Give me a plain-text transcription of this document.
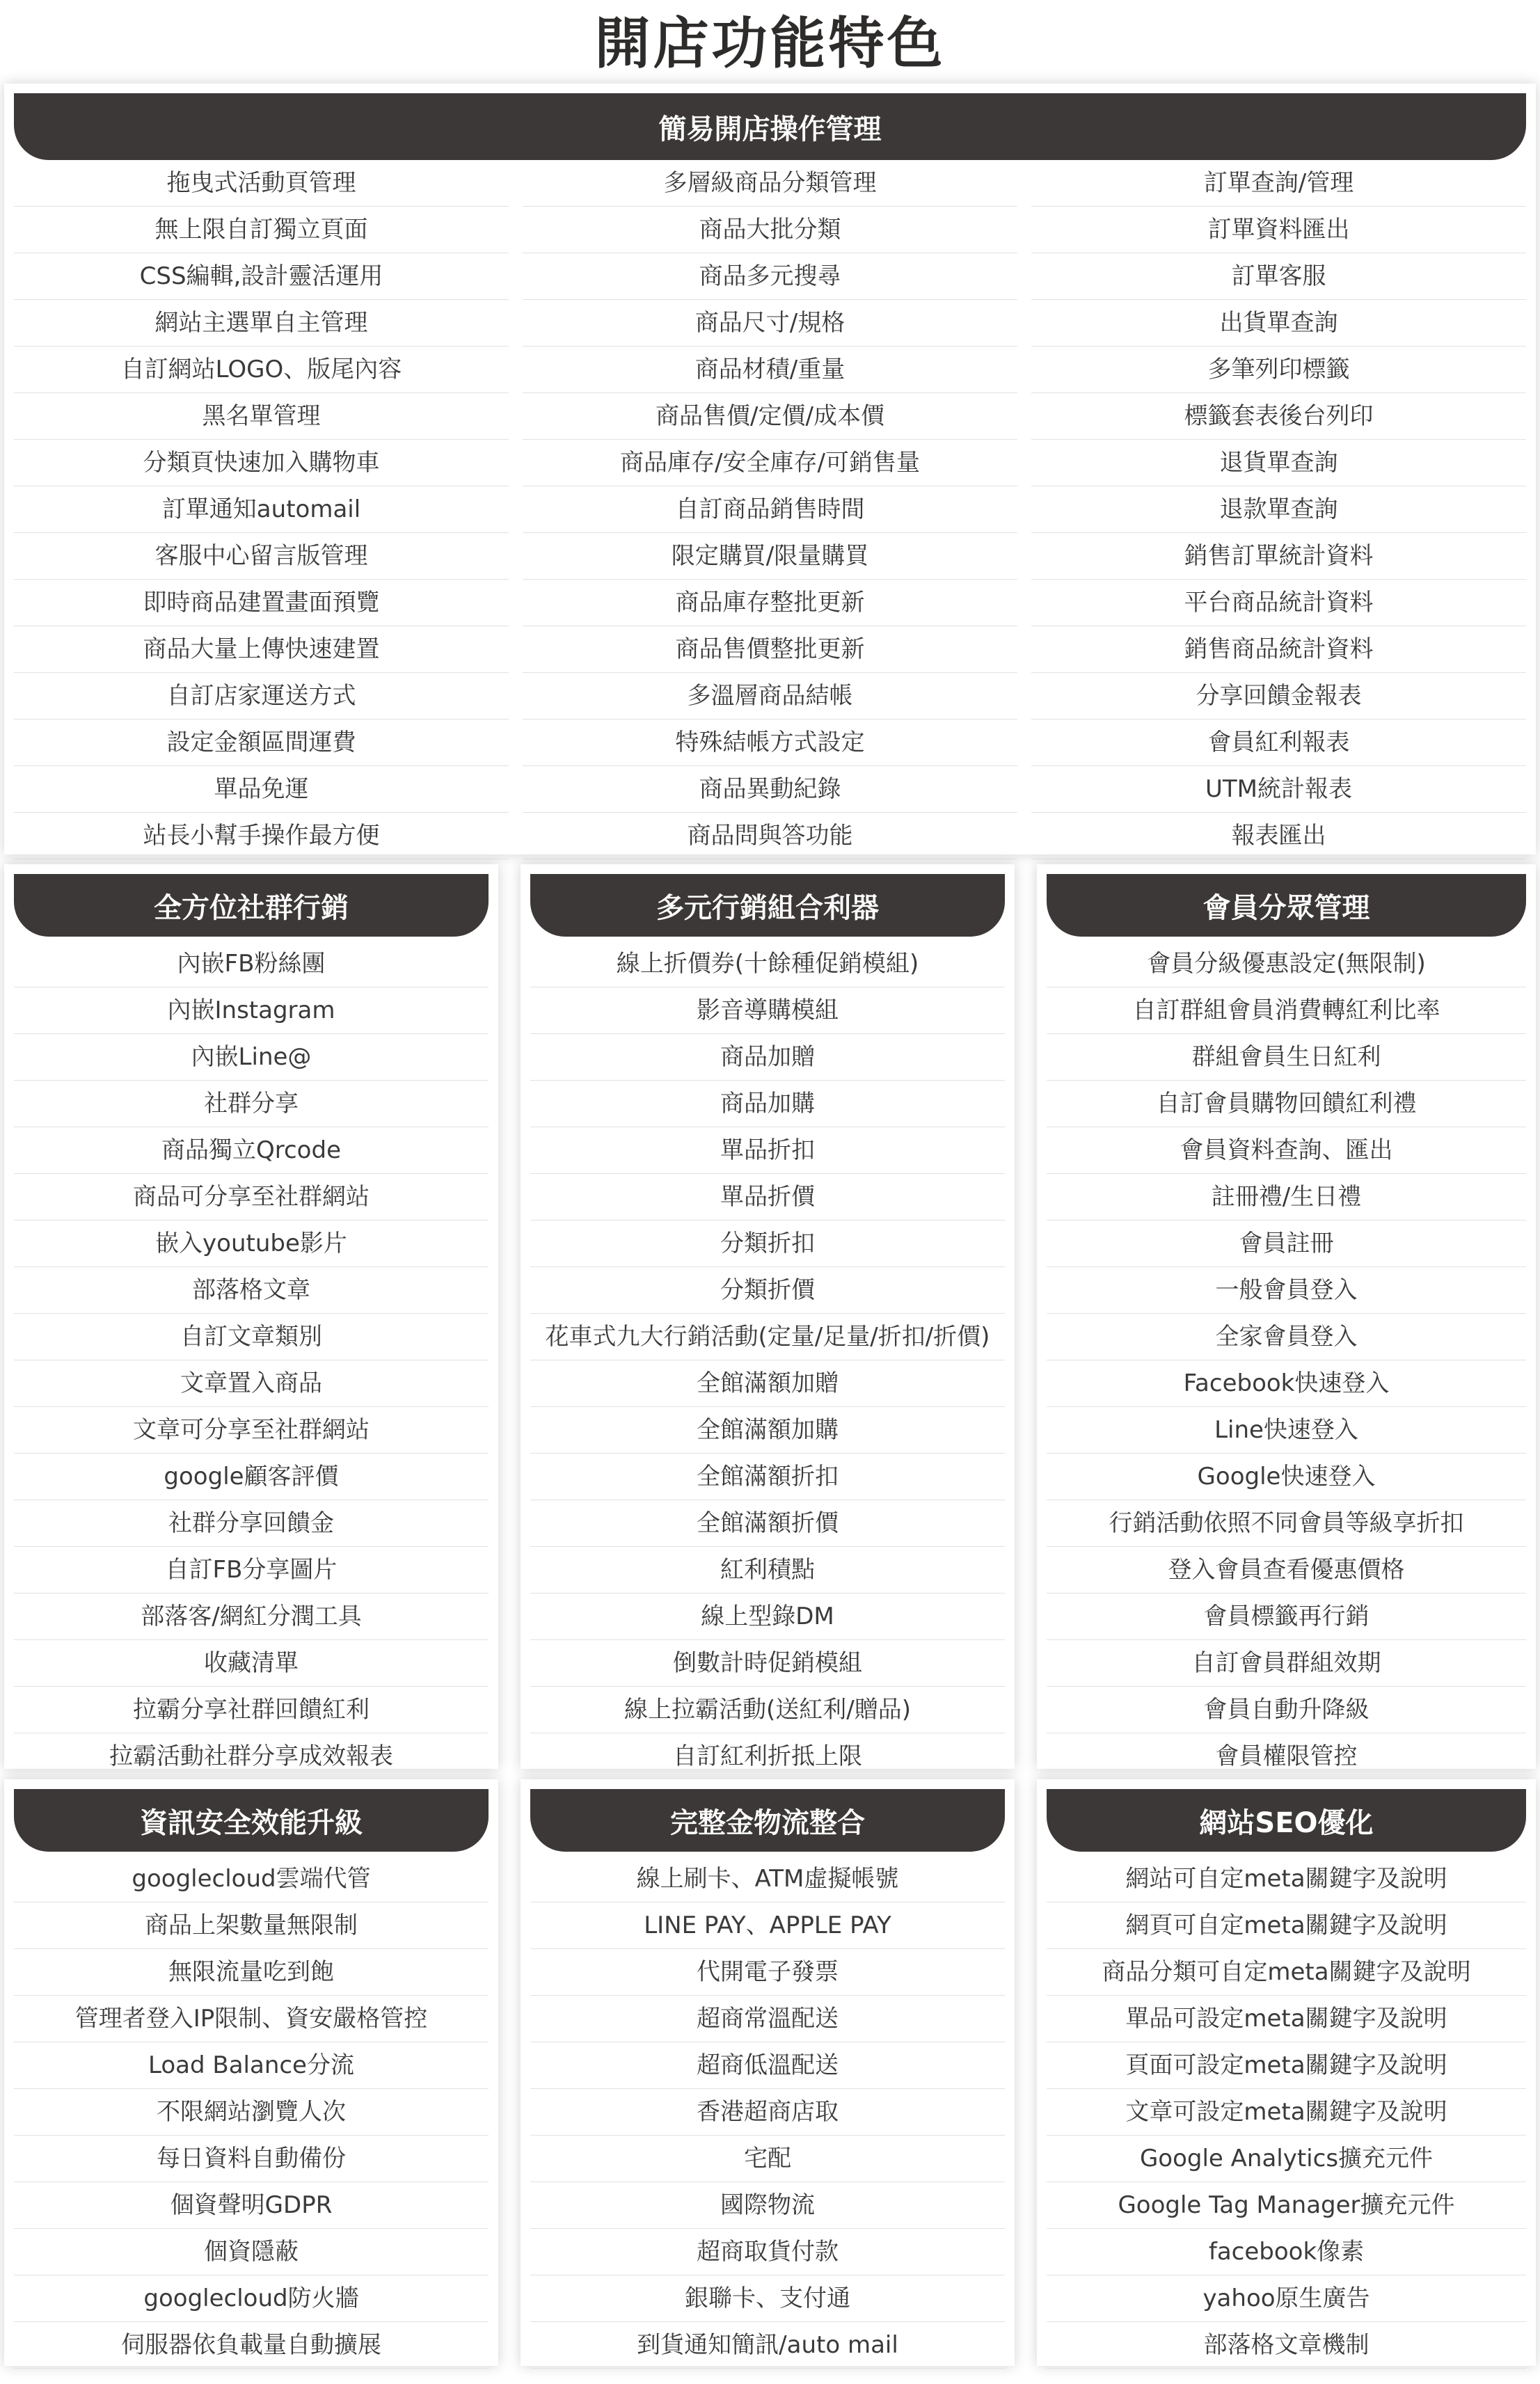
開店功能特色
簡易開店操作管理
拖曳式活動頁管理
無上限自訂獨立頁面
CSS編輯,設計靈活運用
網站主選單自主管理
自訂網站LOGO、版尾內容
黑名單管理
分類頁快速加入購物車
訂單通知automail
客服中心留言版管理
即時商品建置畫面預覽
商品大量上傳快速建置
自訂店家運送方式
設定金額區間運費
單品免運
站長小幫手操作最方便
多層級商品分類管理
商品大批分類
商品多元搜尋
商品尺寸/規格
商品材積/重量
商品售價/定價/成本價
商品庫存/安全庫存/可銷售量
自訂商品銷售時間
限定購買/限量購買
商品庫存整批更新
商品售價整批更新
多溫層商品結帳
特殊結帳方式設定
商品異動紀錄
商品問與答功能
訂單查詢/管理
訂單資料匯出
訂單客服
出貨單查詢
多筆列印標籤
標籤套表後台列印
退貨單查詢
退款單查詢
銷售訂單統計資料
平台商品統計資料
銷售商品統計資料
分享回饋金報表
會員紅利報表
UTM統計報表
報表匯出
全方位社群行銷
內嵌FB粉絲團
內嵌Instagram
內嵌Line@
社群分享
商品獨立Qrcode
商品可分享至社群網站
嵌入youtube影片
部落格文章
自訂文章類別
文章置入商品
文章可分享至社群網站
google顧客評價
社群分享回饋金
自訂FB分享圖片
部落客/網紅分潤工具
收藏清單
拉霸分享社群回饋紅利
拉霸活動社群分享成效報表
多元行銷組合利器
線上折價券(十餘種促銷模組)
影音導購模組
商品加贈
商品加購
單品折扣
單品折價
分類折扣
分類折價
花車式九大行銷活動(定量/足量/折扣/折價)
全館滿額加贈
全館滿額加購
全館滿額折扣
全館滿額折價
紅利積點
線上型錄DM
倒數計時促銷模組
線上拉霸活動(送紅利/贈品)
自訂紅利折抵上限
會員分眾管理
會員分級優惠設定(無限制)
自訂群組會員消費轉紅利比率
群組會員生日紅利
自訂會員購物回饋紅利禮
會員資料查詢、匯出
註冊禮/生日禮
會員註冊
一般會員登入
全家會員登入
Facebook快速登入
Line快速登入
Google快速登入
行銷活動依照不同會員等級享折扣
登入會員查看優惠價格
會員標籤再行銷
自訂會員群組效期
會員自動升降級
會員權限管控
資訊安全效能升級
googlecloud雲端代管
商品上架數量無限制
無限流量吃到飽
管理者登入IP限制、資安嚴格管控
Load Balance分流
不限網站瀏覽人次
每日資料自動備份
個資聲明GDPR
個資隱蔽
googlecloud防火牆
伺服器依負載量自動擴展
完整金物流整合
線上刷卡、ATM虛擬帳號
LINE PAY、APPLE PAY
代開電子發票
超商常溫配送
超商低溫配送
香港超商店取
宅配
國際物流
超商取貨付款
銀聯卡、支付通
到貨通知簡訊/auto mail
網站SEO優化
網站可自定meta關鍵字及說明
網頁可自定meta關鍵字及說明
商品分類可自定meta關鍵字及說明
單品可設定meta關鍵字及說明
頁面可設定meta關鍵字及說明
文章可設定meta關鍵字及說明
Google Analytics擴充元件
Google Tag Manager擴充元件
facebook像素
yahoo原生廣告
部落格文章機制
